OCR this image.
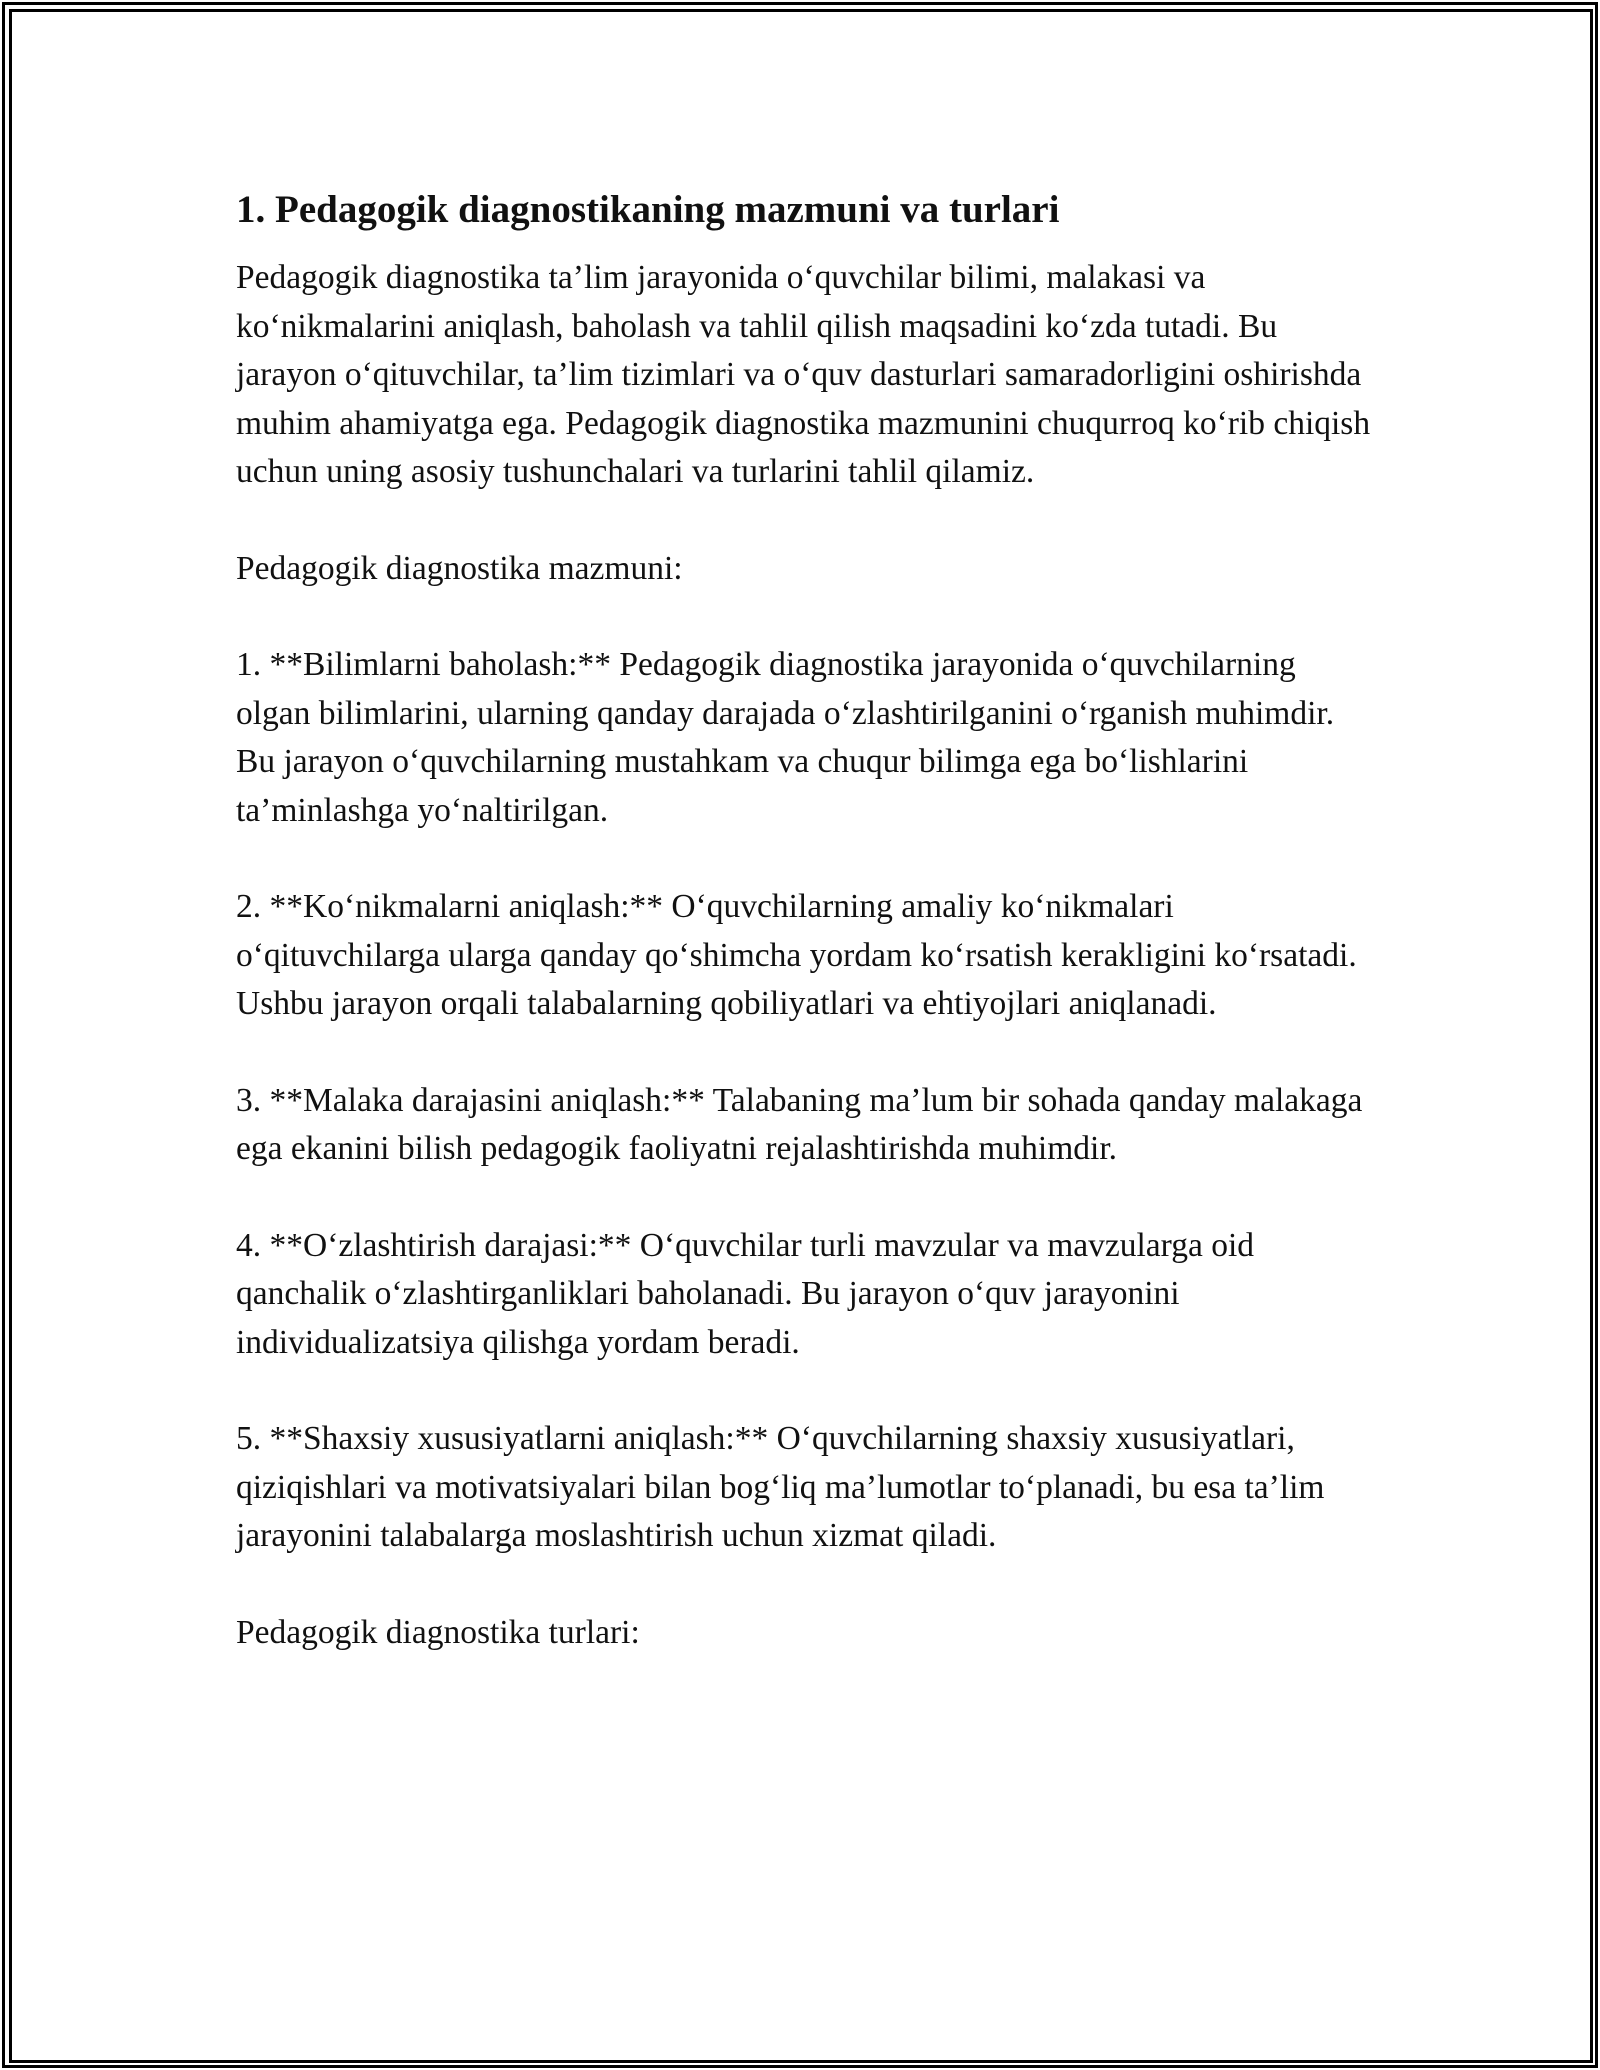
1. Pedagogik diagnostikaning mazmuni va turlari

Pedagogik diagnostika ta’lim jarayonida o‘quvchilar bilimi, malakasi va ko‘nikmalarini aniqlash, baholash va tahlil qilish maqsadini ko‘zda tutadi. Bu jarayon o‘qituvchilar, ta’lim tizimlari va o‘quv dasturlari samaradorligini oshirishda muhim ahamiyatga ega. Pedagogik diagnostika mazmunini chuqurroq ko‘rib chiqish uchun uning asosiy tushunchalari va turlarini tahlil qilamiz.

Pedagogik diagnostika mazmuni:

1. **Bilimlarni baholash:** Pedagogik diagnostika jarayonida o‘quvchilarning olgan bilimlarini, ularning qanday darajada o‘zlashtirilganini o‘rganish muhimdir. Bu jarayon o‘quvchilarning mustahkam va chuqur bilimga ega bo‘lishlarini ta’minlashga yo‘naltirilgan.

2. **Ko‘nikmalarni aniqlash:** O‘quvchilarning amaliy ko‘nikmalari o‘qituvchilarga ularga qanday qo‘shimcha yordam ko‘rsatish kerakligini ko‘rsatadi. Ushbu jarayon orqali talabalarning qobiliyatlari va ehtiyojlari aniqlanadi.

3. **Malaka darajasini aniqlash:** Talabaning ma’lum bir sohada qanday malakaga ega ekanini bilish pedagogik faoliyatni rejalashtirishda muhimdir.

4. **O‘zlashtirish darajasi:** O‘quvchilar turli mavzular va mavzularga oid qanchalik o‘zlashtirganliklari baholanadi. Bu jarayon o‘quv jarayonini individualizatsiya qilishga yordam beradi.

5. **Shaxsiy xususiyatlarni aniqlash:** O‘quvchilarning shaxsiy xususiyatlari, qiziqishlari va motivatsiyalari bilan bog‘liq ma’lumotlar to‘planadi, bu esa ta’lim jarayonini talabalarga moslashtirish uchun xizmat qiladi.

Pedagogik diagnostika turlari:
